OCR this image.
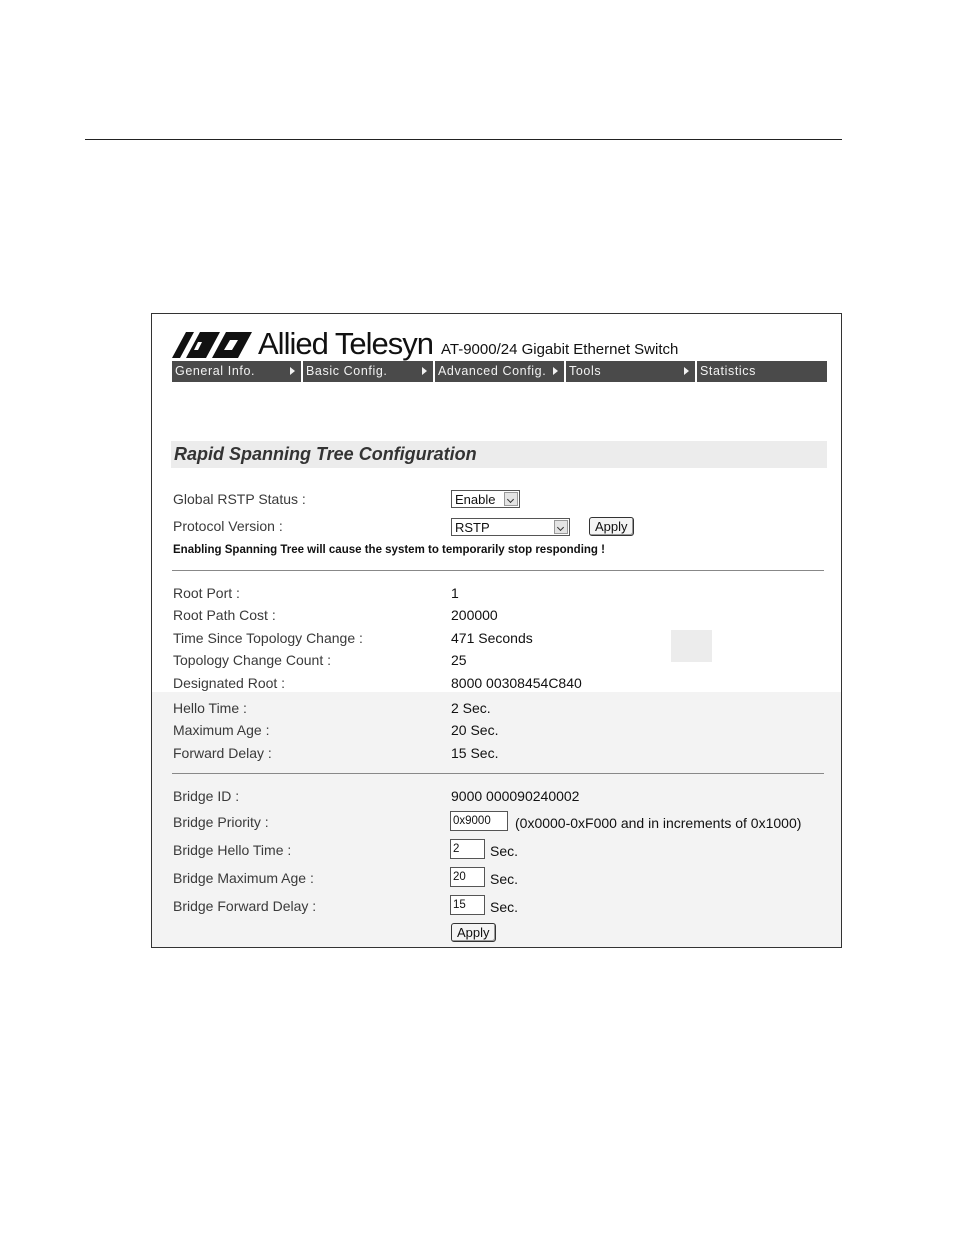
Allied Telesyn AT-9000/24 Gigabit Ethernet Switch
General Info.	Basic Config.	Advanced Config.	Tools	Statistics
Rapid Spanning Tree Configuration
Global RSTP Status :	Enable
Protocol Version :	RSTP	Apply
Enabling Spanning Tree will cause the system to temporarily stop responding !
Root Port :	1
Root Path Cost :	200000
Time Since Topology Change :	471 Seconds
Topology Change Count :	25
Designated Root :	8000 00308454C840
Hello Time :	2 Sec.
Maximum Age :	20 Sec.
Forward Delay :	15 Sec.
Bridge ID :	9000 000090240002
Bridge Priority :	0x9000	(0x0000-0xF000 and in increments of 0x1000)
Bridge Hello Time :	2	Sec.
Bridge Maximum Age :	20	Sec.
Bridge Forward Delay :	15	Sec.
Apply
